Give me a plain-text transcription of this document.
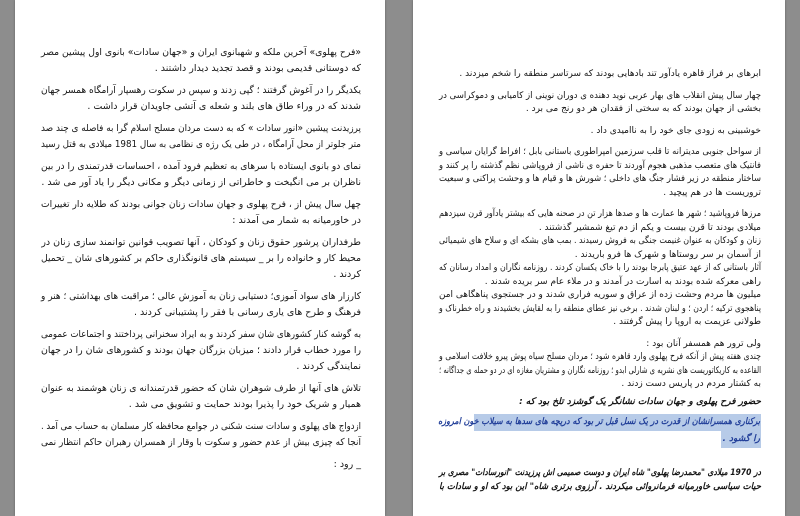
«فرح پهلوی» آخرین ملکه و شهبانوی ایران و «جهان سادات» بانوی اول پیشین مصر
که دوستانی قدیمی بودند و قصد تجدید دیدار داشتند .
یکدیگر را در آغوش گرفتند ؛ گپی زدند و سپس در سکوت رهسپار آرامگاه همسر جهان
شدند که در وراء طاق های بلند و شعله ی آتشی جاویدان قرار داشت .
پرزیدنت پیشین «انور سادات » که به دست مردان مسلح اسلام گرا به فاصله ی چند صد
متر جلوتر از محل آرامگاه ، در طی یک رژه ی نظامی به سال 1981 میلادی به قتل رسید
نمای دو بانوی ایستاده با سرهای به تعظیم فرود آمده ، احساسات قدرتمندی را در بین
ناظران بر می انگیخت و خاطراتی از زمانی دیگر و مکانی دیگر را یاد آور می شد .
چهل سال پیش از ، فرح پهلوی و جهان سادات زنان جوانی بودند که طلایه دار تغییرات
در خاورمیانه به شمار می آمدند :
طرفداران پرشور حقوق زنان و کودکان ، آنها تصویب قوانین توانمند سازی زنان در
محیط کار و خانواده را بر _ سیستم های قانونگذاری حاکم بر کشورهای شان _ تحمیل
کردند .
کارزار های سواد آموزی؛ دستیابی زنان به آموزش عالی ؛ مراقبت های بهداشتی ؛ هنر و
فرهنگ و طرح های یاری رسانی با فقر را پشتیبانی کردند .
به گوشه کنار کشورهای شان سفر کردند و به ایراد سخنرانی پرداختند و اجتماعات عمومی
را مورد خطاب قرار دادند ؛ میزبان بزرگان جهان بودند و کشورهای شان را در جهان
نمایندگی کردند .
تلاش های آنها از طرف شوهران شان که حضور قدرتمندانه ی زنان هوشمند به عنوان
همیار و شریک خود را پذیرا بودند حمایت و تشویق می شد .
ازدواج های پهلوی و سادات سنت شکنی در جوامع محافظه کار مسلمان به حساب می آمد .
آنجا که چیزی بیش از عدم حضور و سکوت با وقار از همسران رهبران حاکم انتظار نمی
_ رود :
ابرهای بر فراز قاهره یادآور تند بادهایی بودند که سرتاسر منطقه را شخم میزدند .
چهار سال پیش انقلاب های بهار عربی نوید دهنده ی دوران نوینی از کامیابی و دموکراسی در
بخشی از جهان بودند که به سختی از فقدان هر دو رنج می برد .
خوشبینی به زودی جای خود را به ناامیدی داد .
از سواحل جنوبی مدیترانه تا قلب سرزمین امپراطوری باستانی بابل ؛ افراط گرایان سیاسی و
فانتیک های متعصب مذهبی هجوم آوردند تا حفره ی ناشی از فروپاشی نظم گذشته را پر کنند و
ساختار منطقه در زیر فشار جنگ های داخلی ؛ شورش ها و قیام ها و وحشت پراکنی و سبعیت
تروریست ها در هم پیچید .
مرزها فروپاشید ؛ شهر ها عمارت ها و صدها هزار تن در صحنه هایی که بیشتر یادآور قرن سیزدهم
میلادی بودند تا قرن بیست و یکم از دم تیغ شمشیر گذشتند .
زنان و کودکان به عنوان غنیمت جنگی به فروش رسیدند . بمب های بشکه ای و سلاح های شیمیائی
از آسمان بر سر روستاها و شهرک ها فرو باریدند .
آثار باستانی که از عهد عتیق پابرجا بودند را با خاک یکسان کردند . روزنامه نگاران و امداد رسانان که
راهی معرکه شده بودند به اسارت در آمدند و در ملاء عام سر بریده شدند .
میلیون ها مردم وحشت زده از عراق و سوریه فراری شدند و در جستجوی پناهگاهی امن
پناهجوی ترکیه ؛ اردن ؛ و لبنان شدند . برخی نیز عطای منطقه را به لقایش بخشیدند و راه خطرناک و
طولانی عزیمت به اروپا را پیش گرفتند .
ولی ترور هم همسفر آنان بود :
چندی هفته پیش از آنکه فرح پهلوی وارد قاهره شود ؛ مردان مسلح سیاه پوش پیرو خلافت اسلامی و
القاعده به کاریکاتوریست های نشریه ی شارلی ابدو ؛ روزنامه نگاران و مشتریان مغازه ای در دو حمله ی جداگانه ؛
به کشتار مردم در پاریس دست زدند .
حضور فرح پهلوی و جهان سادات نشانگر یک گوشزد تلخ بود که :
برکناری همسرانشان از قدرت در یک نسل قبل تر بود که دریچه های سدها به سیلاب خون امروزه
را گشود .
در 1970 میلادی "محمدرضا پهلوی" شاه ایران و دوست صمیمی اش پرزیدنت "انورسادات" مصری بر
حیات سیاسی خاورمیانه فرمانروائی میکردند . آرزوی برتری شاه" این بود که او و سادات با
